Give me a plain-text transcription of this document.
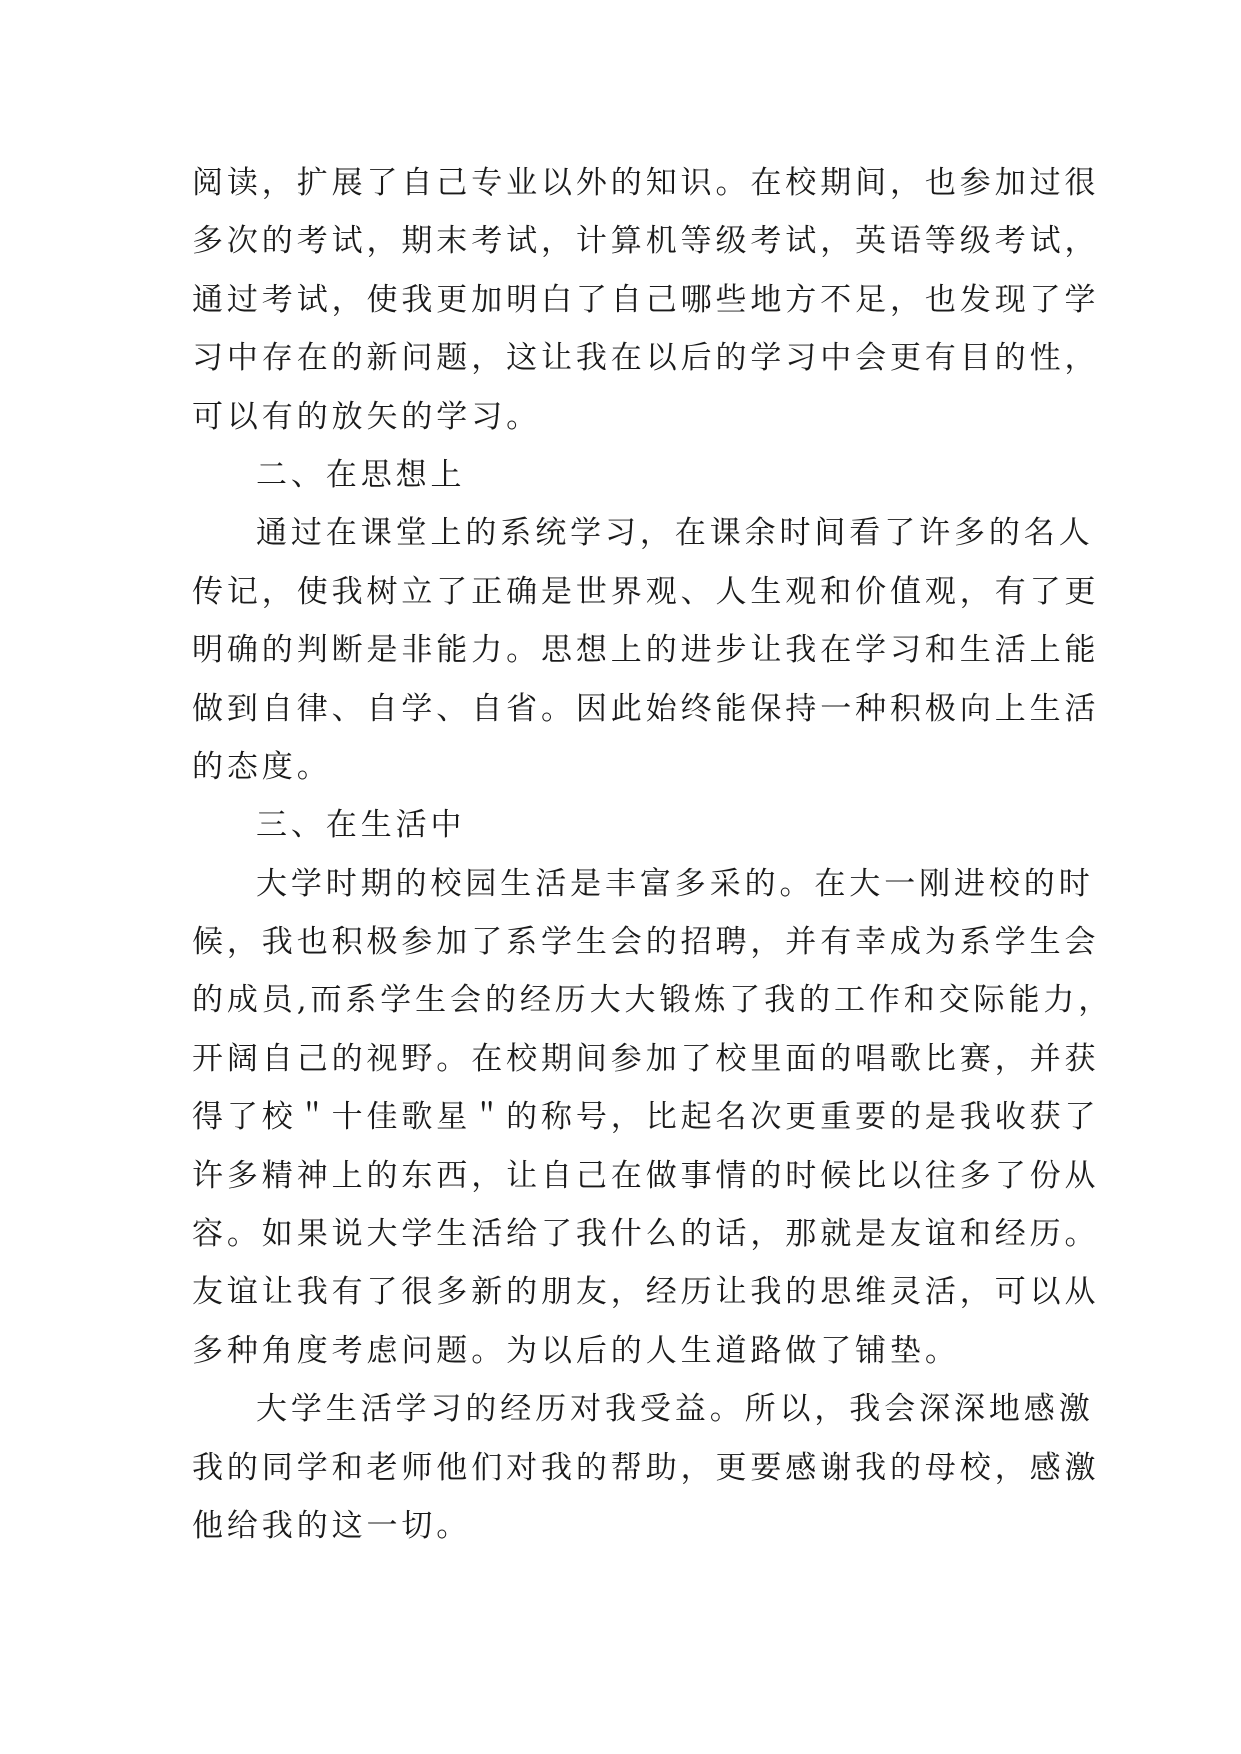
阅读，扩展了自己专业以外的知识。在校期间，也参加过很
多次的考试，期末考试，计算机等级考试，英语等级考试，
通过考试，使我更加明白了自己哪些地方不足，也发现了学
习中存在的新问题，这让我在以后的学习中会更有目的性，
可以有的放矢的学习。
二、在思想上
通过在课堂上的系统学习，在课余时间看了许多的名人
传记，使我树立了正确是世界观、人生观和价值观，有了更
明确的判断是非能力。思想上的进步让我在学习和生活上能
做到自律、自学、自省。因此始终能保持一种积极向上生活
的态度。
三、在生活中
大学时期的校园生活是丰富多采的。在大一刚进校的时
候，我也积极参加了系学生会的招聘，并有幸成为系学生会
的成员,而系学生会的经历大大锻炼了我的工作和交际能力，
开阔自己的视野。在校期间参加了校里面的唱歌比赛，并获
得了校＂十佳歌星＂的称号，比起名次更重要的是我收获了
许多精神上的东西，让自己在做事情的时候比以往多了份从
容。如果说大学生活给了我什么的话，那就是友谊和经历。
友谊让我有了很多新的朋友，经历让我的思维灵活，可以从
多种角度考虑问题。为以后的人生道路做了铺垫。
大学生活学习的经历对我受益。所以，我会深深地感激
我的同学和老师他们对我的帮助，更要感谢我的母校，感激
他给我的这一切。
